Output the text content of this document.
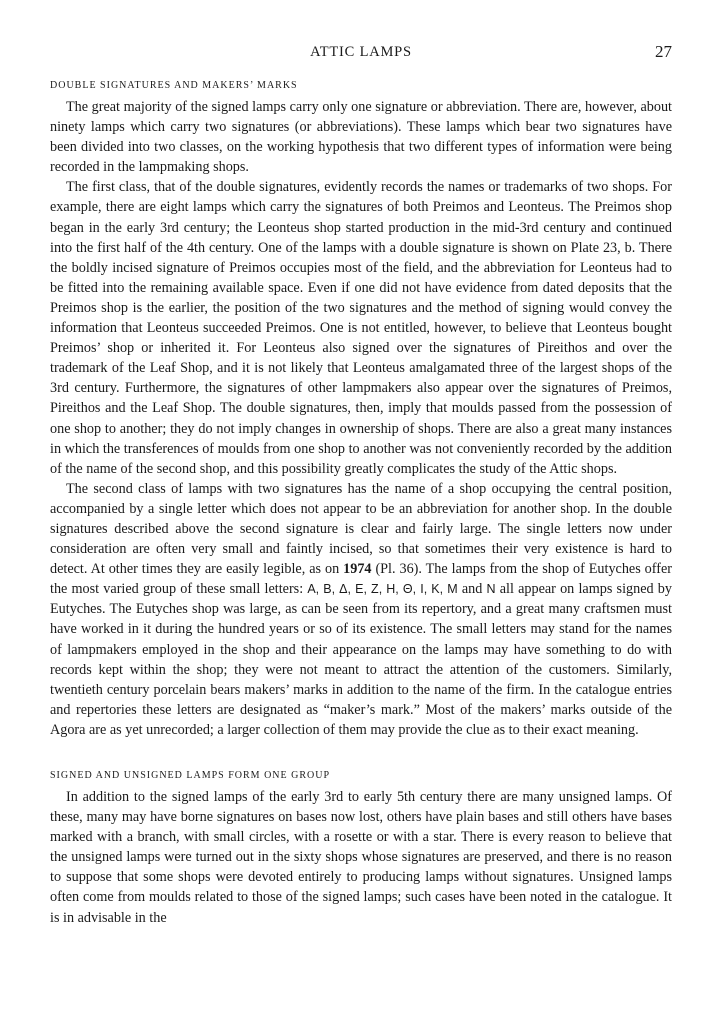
ATTIC LAMPS	27
DOUBLE SIGNATURES AND MAKERS’ MARKS

The great majority of the signed lamps carry only one signature or abbreviation. There are, however, about ninety lamps which carry two signatures (or abbreviations). These lamps which bear two signatures have been divided into two classes, on the working hypothesis that two different types of information were being recorded in the lampmaking shops.

The first class, that of the double signatures, evidently records the names or trademarks of two shops. For example, there are eight lamps which carry the signatures of both Preimos and Leonteus. The Preimos shop began in the early 3rd century; the Leonteus shop started production in the mid-3rd century and continued into the first half of the 4th century. One of the lamps with a double signature is shown on Plate 23, b. There the boldly incised signature of Preimos occupies most of the field, and the abbreviation for Leonteus had to be fitted into the remaining available space. Even if one did not have evidence from dated deposits that the Preimos shop is the earlier, the position of the two signatures and the method of signing would convey the information that Leonteus succeeded Preimos. One is not entitled, however, to believe that Leonteus bought Preimos’ shop or inherited it. For Leonteus also signed over the signatures of Pireithos and over the trademark of the Leaf Shop, and it is not likely that Leonteus amalgamated three of the largest shops of the 3rd century. Furthermore, the signatures of other lampmakers also appear over the signatures of Preimos, Pireithos and the Leaf Shop. The double signatures, then, imply that moulds passed from the possession of one shop to another; they do not imply changes in ownership of shops. There are also a great many instances in which the transferences of moulds from one shop to another was not conveniently recorded by the addition of the name of the second shop, and this possibility greatly complicates the study of the Attic shops.

The second class of lamps with two signatures has the name of a shop occupying the central position, accompanied by a single letter which does not appear to be an abbreviation for another shop. In the double signatures described above the second signature is clear and fairly large. The single letters now under consideration are often very small and faintly incised, so that sometimes their very existence is hard to detect. At other times they are easily legible, as on 1974 (Pl. 36). The lamps from the shop of Eutyches offer the most varied group of these small letters: A, B, Δ, E, Z, H, Θ, I, K, M and N all appear on lamps signed by Eutyches. The Eutyches shop was large, as can be seen from its repertory, and a great many craftsmen must have worked in it during the hundred years or so of its existence. The small letters may stand for the names of lampmakers employed in the shop and their appearance on the lamps may have something to do with records kept within the shop; they were not meant to attract the attention of the customers. Similarly, twentieth century porcelain bears makers’ marks in addition to the name of the firm. In the catalogue entries and repertories these letters are designated as “maker’s mark.” Most of the makers’ marks outside of the Agora are as yet unrecorded; a larger collection of them may provide the clue as to their exact meaning.

SIGNED AND UNSIGNED LAMPS FORM ONE GROUP

In addition to the signed lamps of the early 3rd to early 5th century there are many unsigned lamps. Of these, many may have borne signatures on bases now lost, others have plain bases and still others have bases marked with a branch, with small circles, with a rosette or with a star. There is every reason to believe that the unsigned lamps were turned out in the sixty shops whose signatures are preserved, and there is no reason to suppose that some shops were devoted entirely to producing lamps without signatures. Unsigned lamps often come from moulds related to those of the signed lamps; such cases have been noted in the catalogue. It is in advisable in the
